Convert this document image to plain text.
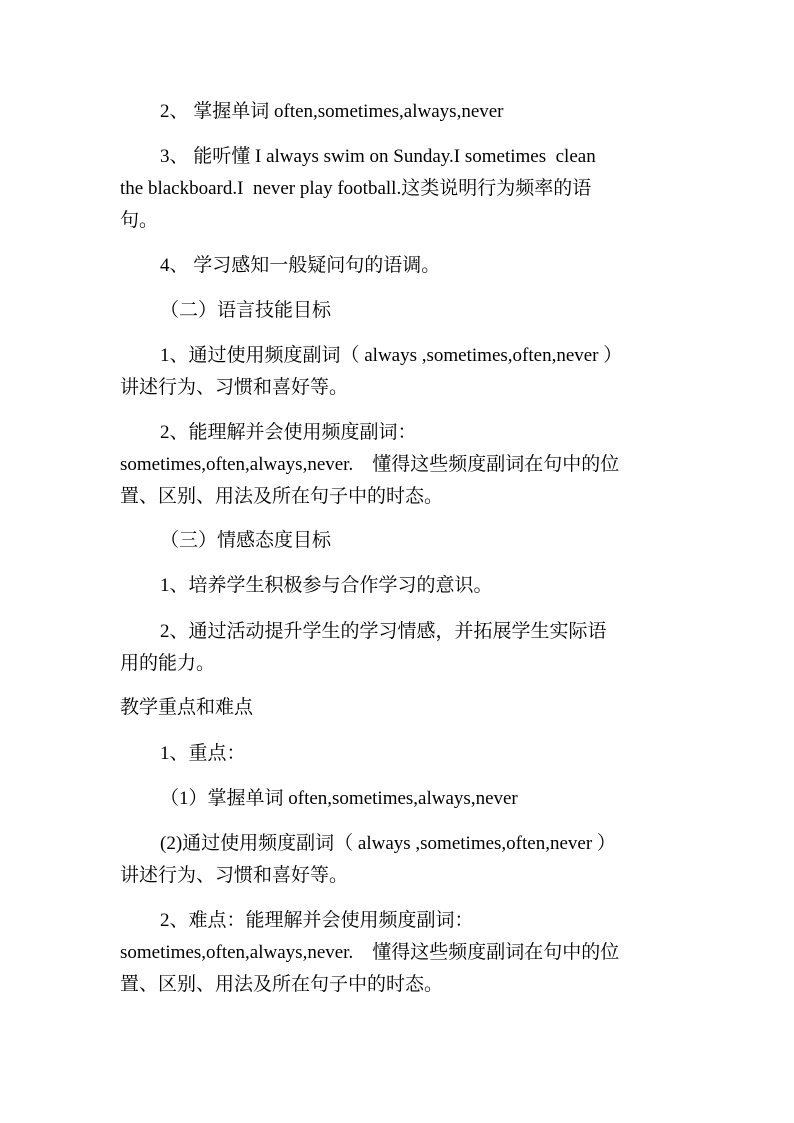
2、 掌握单词 often,sometimes,always,never

3、 能听懂 I always swim on Sunday.I sometimes  clean
the blackboard.I  never play football.这类说明行为频率的语
句。

4、 学习感知一般疑问句的语调。

（二）语言技能目标

1、通过使用频度副词（ always ,sometimes,often,never ）
讲述行为、习惯和喜好等。

2、能理解并会使用频度副词：
sometimes,often,always,never.    懂得这些频度副词在句中的位
置、区别、用法及所在句子中的时态。

（三）情感态度目标

1、培养学生积极参与合作学习的意识。

2、通过活动提升学生的学习情感，并拓展学生实际语
用的能力。

教学重点和难点

1、重点：

（1）掌握单词 often,sometimes,always,never

(2)通过使用频度副词（ always ,sometimes,often,never ）
讲述行为、习惯和喜好等。

2、难点：能理解并会使用频度副词：
sometimes,often,always,never.    懂得这些频度副词在句中的位
置、区别、用法及所在句子中的时态。
